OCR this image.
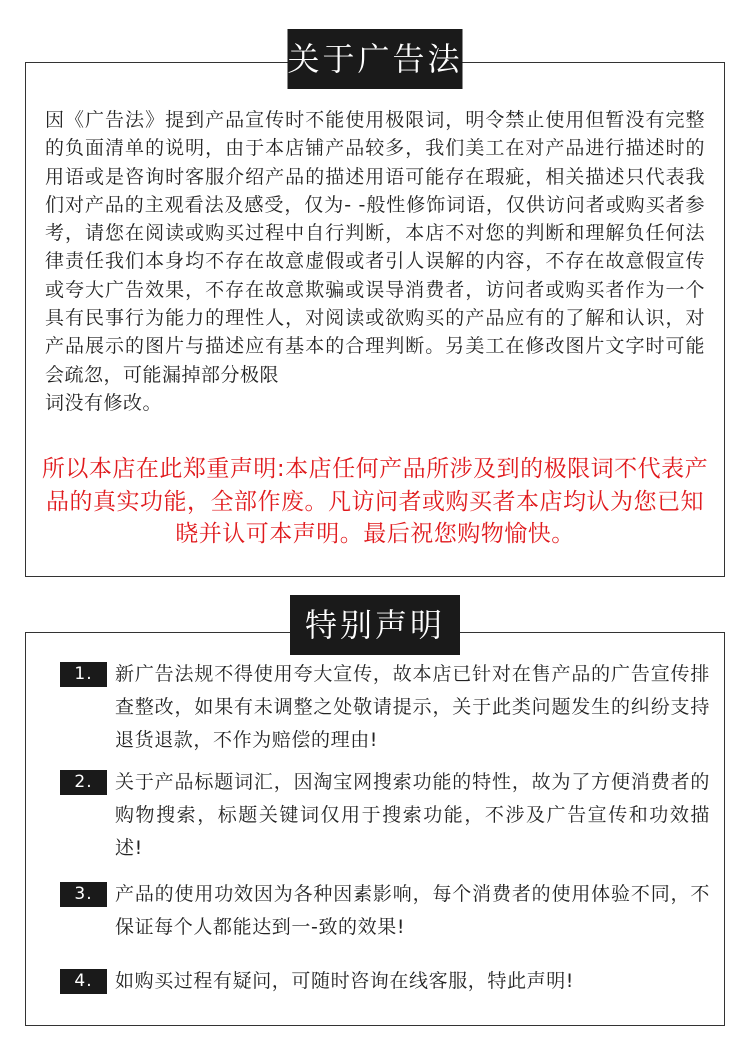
关于广告法
因《广告法》提到产品宣传时不能使用极限词，明令禁止使用但暂没有完整的负面清单的说明，由于本店铺产品较多，我们美工在对产品进行描述时的用语或是咨询时客服介绍产品的描述用语可能存在瑕疵，相关描述只代表我们对产品的主观看法及感受，仅为- -般性修饰词语，仅供访问者或购买者参考，请您在阅读或购买过程中自行判断，本店不对您的判断和理解负任何法律责任我们本身均不存在故意虚假或者引人误解的内容，不存在故意假宣传或夸大广告效果，不存在故意欺骗或误导消费者，访问者或购买者作为一个具有民事行为能力的理性人，对阅读或欲购买的产品应有的了解和认识，对产品展示的图片与描述应有基本的合理判断。另美工在修改图片文字时可能会疏忽，可能漏掉部分极限
词没有修改。
所以本店在此郑重声明:本店任何产品所涉及到的极限词不代表产品的真实功能，全部作废。凡访问者或购买者本店均认为您已知晓并认可本声明。最后祝您购物愉快。
特别声明
1.	新广告法规不得使用夸大宣传，故本店已针对在售产品的广告宣传排查整改，如果有未调整之处敬请提示，关于此类问题发生的纠纷支持退货退款，不作为赔偿的理由!
2.	关于产品标题词汇，因淘宝网搜索功能的特性，故为了方便消费者的购物搜索，标题关键词仅用于搜索功能，不涉及广告宣传和功效描述!
3.	产品的使用功效因为各种因素影响，每个消费者的使用体验不同，不保证每个人都能达到一-致的效果!
4.	如购买过程有疑问，可随时咨询在线客服，特此声明!
